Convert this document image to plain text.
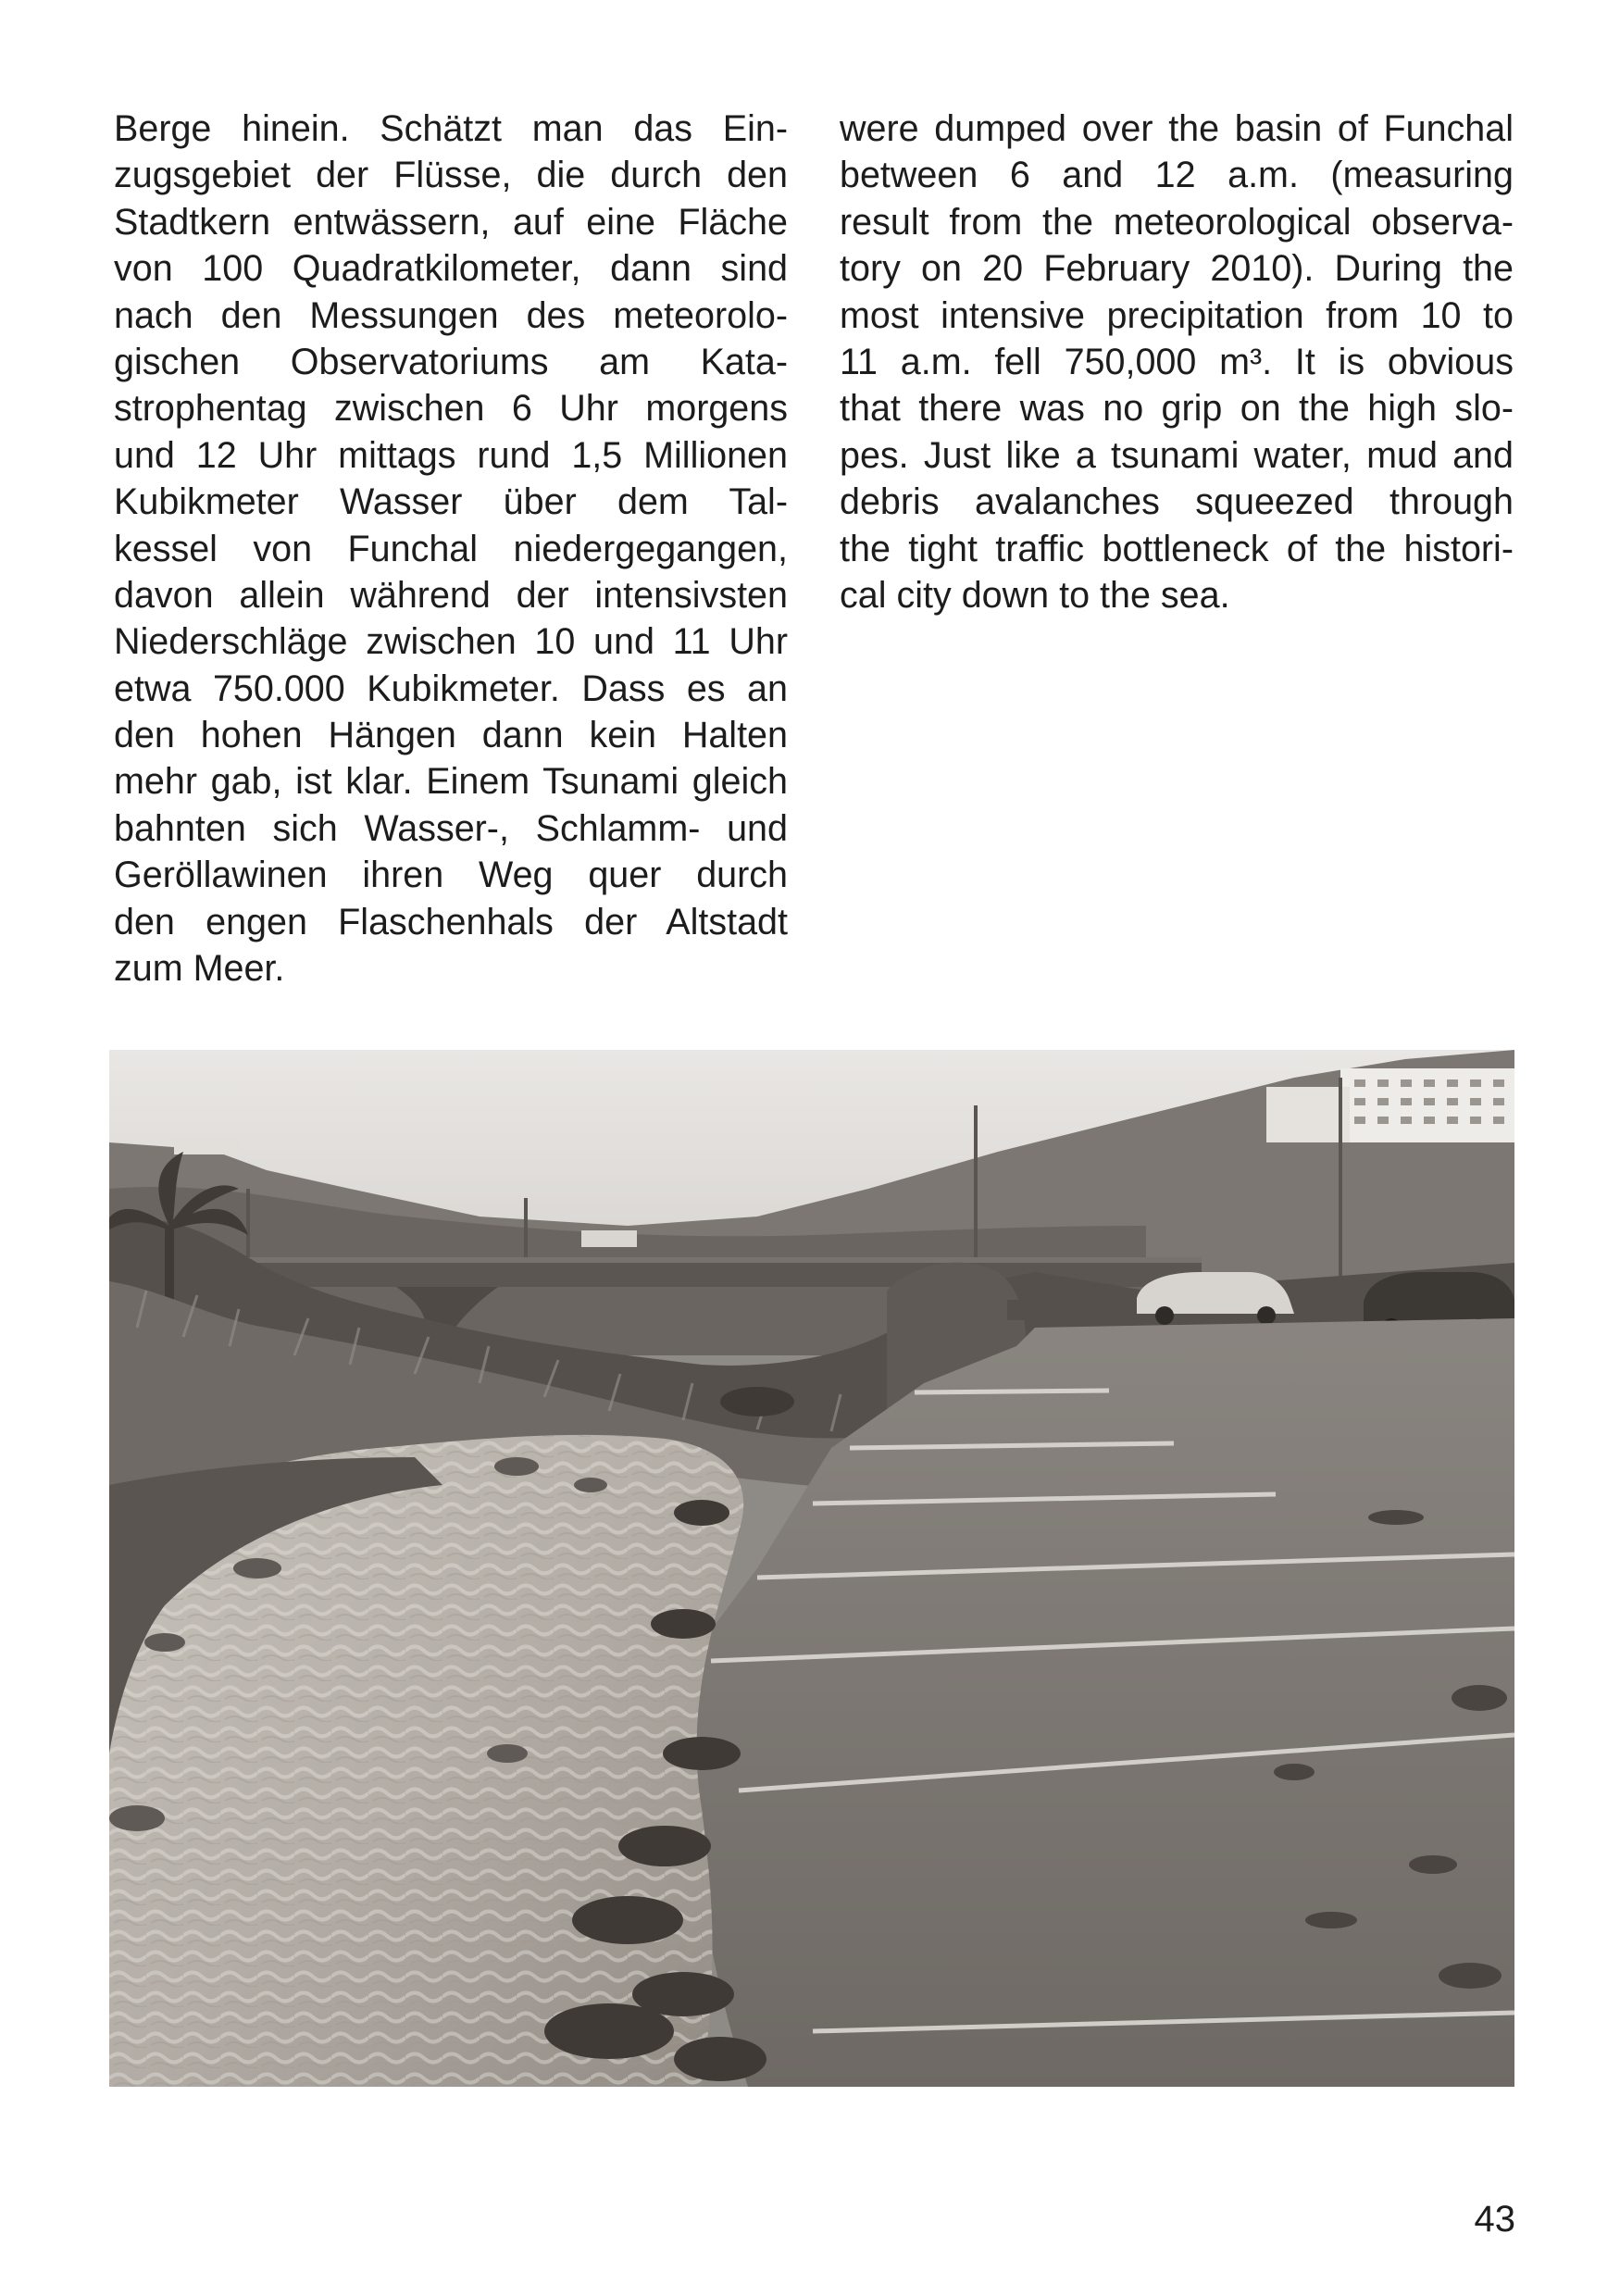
Berge hinein. Schätzt man das Ein-
zugsgebiet der Flüsse, die durch den
Stadtkern entwässern, auf eine Fläche
von 100 Quadratkilometer, dann sind
nach den Messungen des meteorolo-
gischen Observatoriums am Kata-
strophentag zwischen 6 Uhr morgens
und 12 Uhr mittags rund 1,5 Millionen
Kubikmeter Wasser über dem Tal-
kessel von Funchal niedergegangen,
davon allein während der intensivsten
Niederschläge zwischen 10 und 11 Uhr
etwa 750.000 Kubikmeter. Dass es an
den hohen Hängen dann kein Halten
mehr gab, ist klar. Einem Tsunami gleich
bahnten sich Wasser-, Schlamm- und
Geröllawinen ihren Weg quer durch
den engen Flaschenhals der Altstadt
zum Meer.
were dumped over the basin of Funchal
between 6 and 12 a.m. (measuring
result from the meteorological observa-
tory on 20 February 2010). During the
most intensive precipitation from 10 to
11 a.m. fell 750,000 m³. It is obvious
that there was no grip on the high slo-
pes. Just like a tsunami water, mud and
debris avalanches squeezed through
the tight traffic bottleneck of the histori-
cal city down to the sea.
43
